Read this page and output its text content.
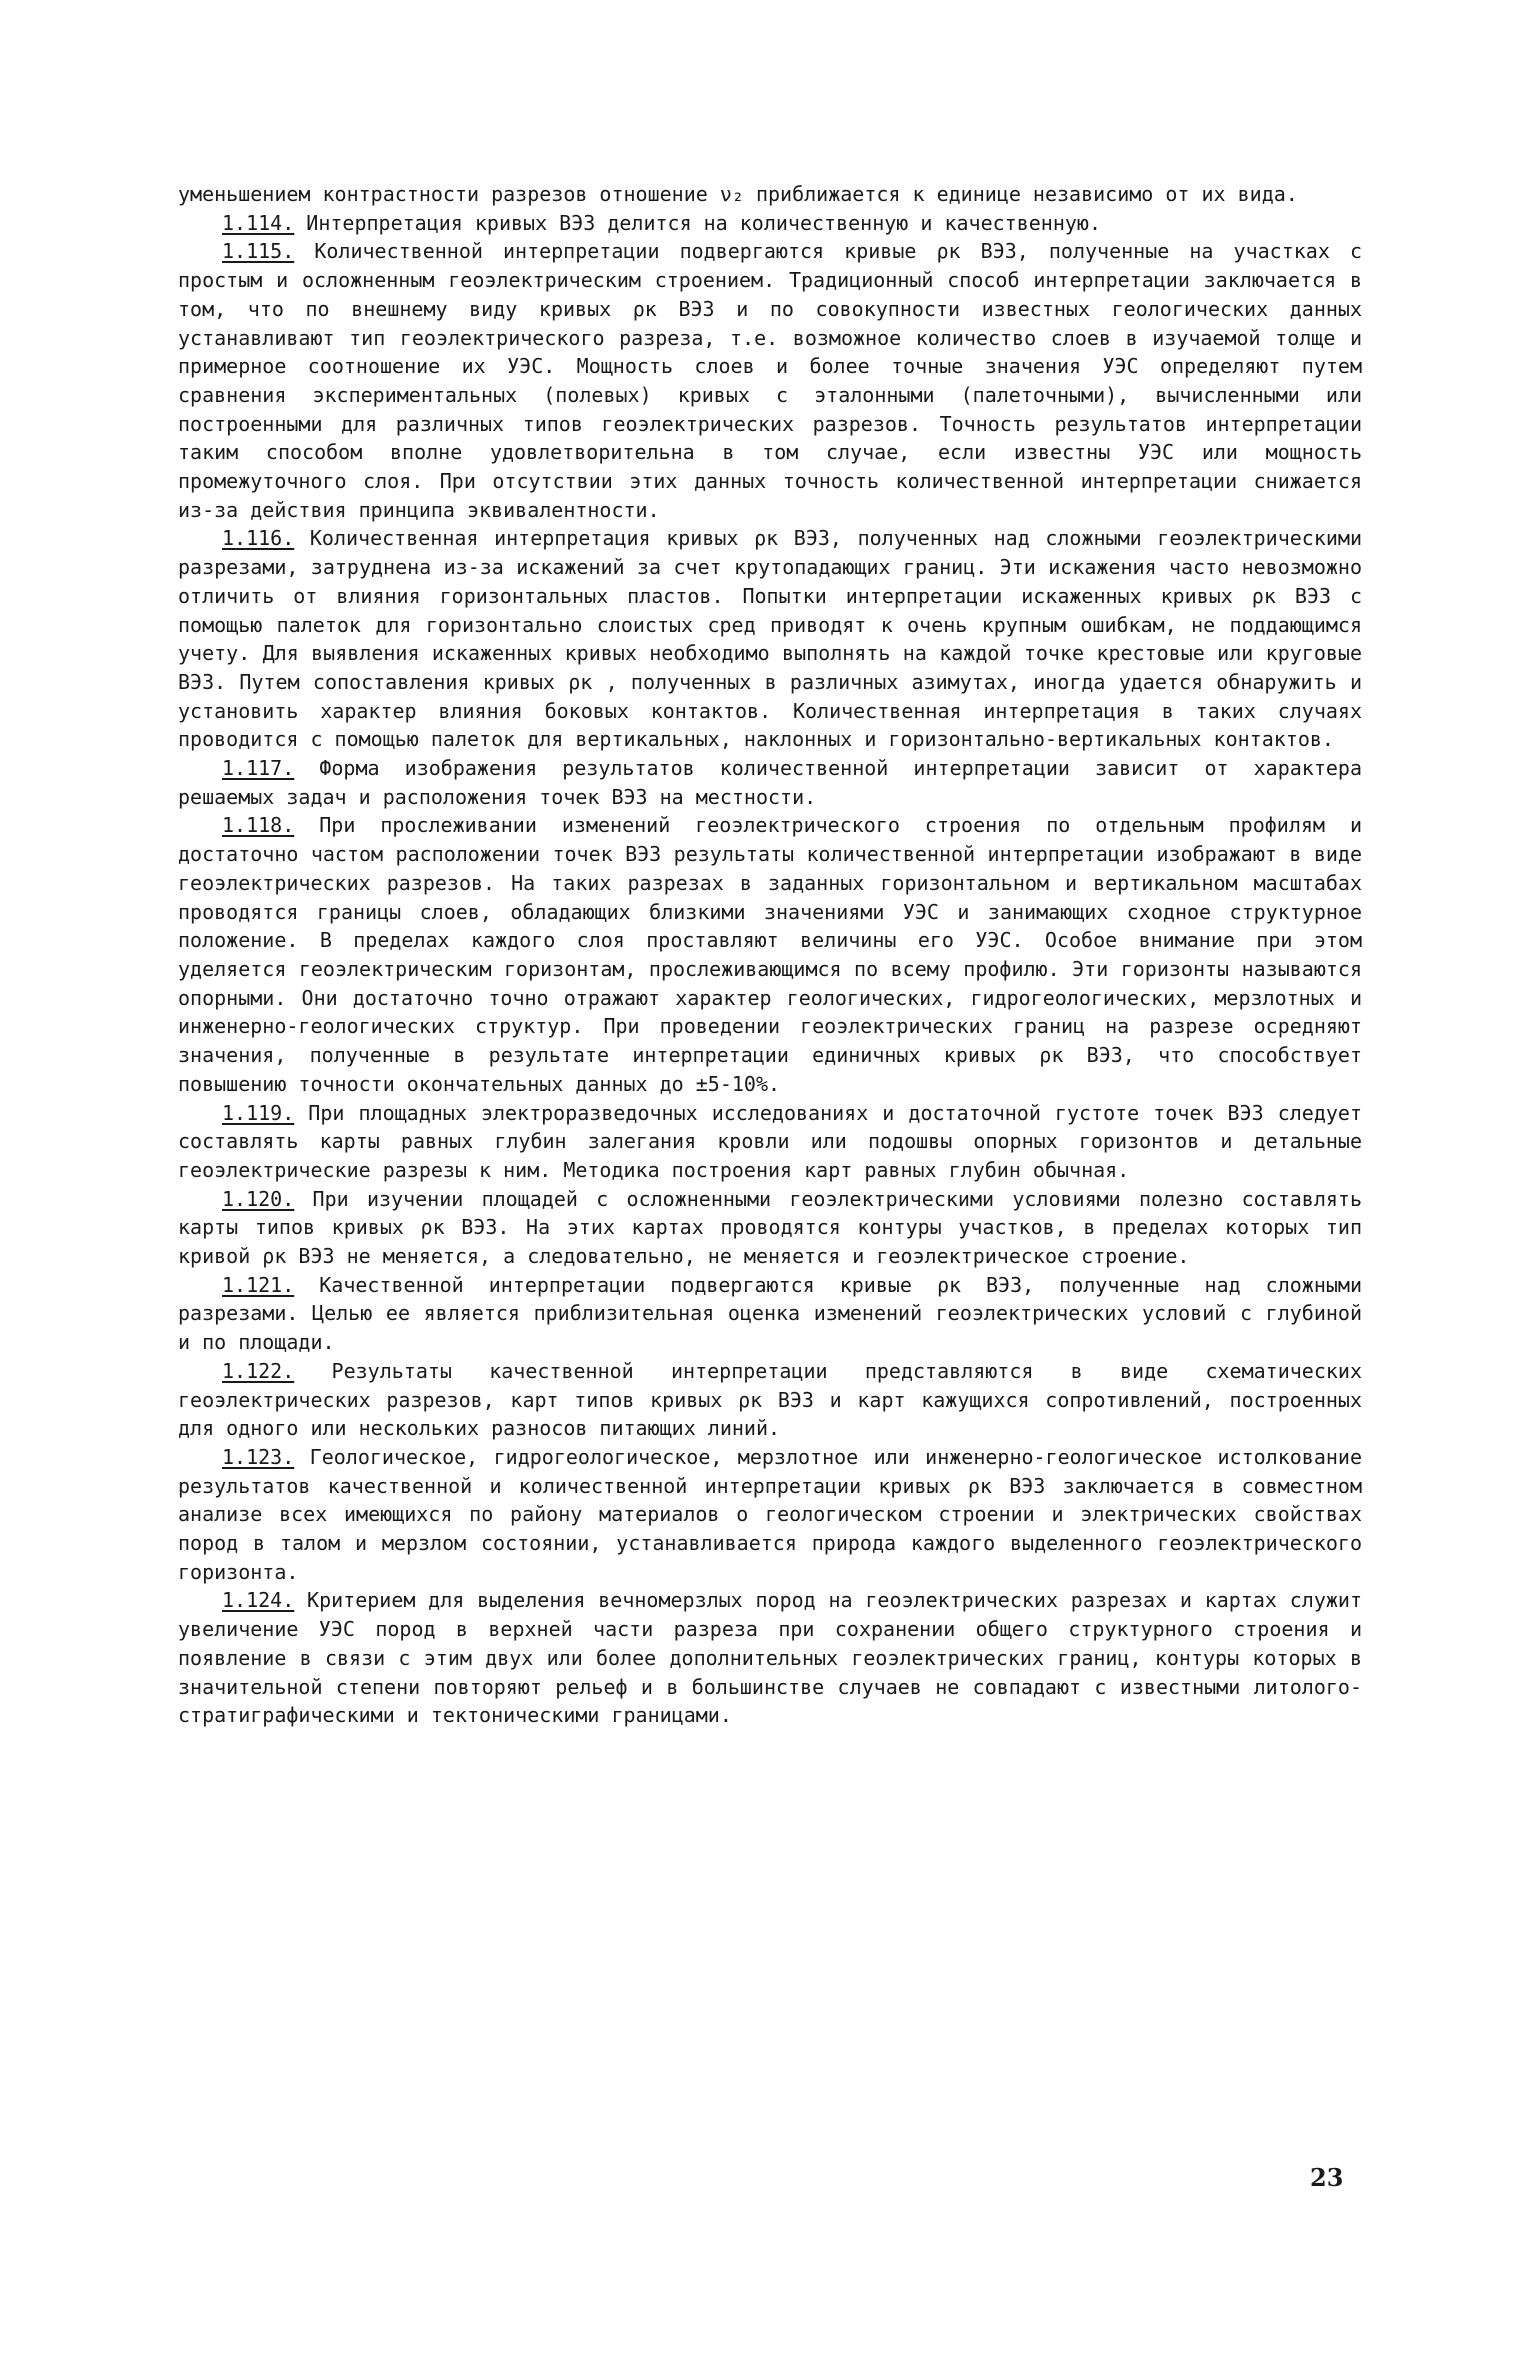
уменьшением контрастности разрезов отношение ν₂ приближается к единице независимо от их вида.

1.114. Интерпретация кривых ВЭЗ делится на количественную и качественную.

1.115. Количественной интерпретации подвергаются кривые ρк ВЭЗ, полученные на участках с простым и осложненным геоэлектрическим строением. Традиционный способ интерпретации заключается в том, что по внешнему виду кривых ρк ВЭЗ и по совокупности известных геологических данных устанавливают тип геоэлектрического разреза, т.е. возможное количество слоев в изучаемой толще и примерное соотношение их УЭС. Мощность слоев и более точные значения УЭС определяют путем сравнения экспериментальных (полевых) кривых с эталонными (палеточными), вычисленными или построенными для различных типов геоэлектрических разрезов. Точность результатов интерпретации таким способом вполне удовлетворительна в том случае, если известны УЭС или мощность промежуточного слоя. При отсутствии этих данных точность количественной интерпретации снижается из-за действия принципа эквивалентности.

1.116. Количественная интерпретация кривых ρк ВЭЗ, полученных над сложными геоэлектрическими разрезами, затруднена из-за искажений за счет крутопадающих границ. Эти искажения часто невозможно отличить от влияния горизонтальных пластов. Попытки интерпретации искаженных кривых ρк ВЭЗ с помощью палеток для горизонтально слоистых сред приводят к очень крупным ошибкам, не поддающимся учету. Для выявления искаженных кривых необходимо выполнять на каждой точке крестовые или круговые ВЭЗ. Путем сопоставления кривых ρк , полученных в различных азимутах, иногда удается обнаружить и установить характер влияния боковых контактов. Количественная интерпретация в таких случаях проводится с помощью палеток для вертикальных, наклонных и горизонтально-вертикальных контактов.

1.117. Форма изображения результатов количественной интерпретации зависит от характера решаемых задач и расположения точек ВЭЗ на местности.

1.118. При прослеживании изменений геоэлектрического строения по отдельным профилям и достаточно частом расположении точек ВЭЗ результаты количественной интерпретации изображают в виде геоэлектрических разрезов. На таких разрезах в заданных горизонтальном и вертикальном масштабах проводятся границы слоев, обладающих близкими значениями УЭС и занимающих сходное структурное положение. В пределах каждого слоя проставляют величины его УЭС. Особое внимание при этом уделяется геоэлектрическим горизонтам, прослеживающимся по всему профилю. Эти горизонты называются опорными. Они достаточно точно отражают характер геологических, гидрогеологических, мерзлотных и инженерно-геологических структур. При проведении геоэлектрических границ на разрезе осредняют значения, полученные в результате интерпретации единичных кривых ρк ВЭЗ, что способствует повышению точности окончательных данных до ±5-10%.

1.119. При площадных электроразведочных исследованиях и достаточной густоте точек ВЭЗ следует составлять карты равных глубин залегания кровли или подошвы опорных горизонтов и детальные геоэлектрические разрезы к ним. Методика построения карт равных глубин обычная.

1.120. При изучении площадей с осложненными геоэлектрическими условиями полезно составлять карты типов кривых ρк ВЭЗ. На этих картах проводятся контуры участков, в пределах которых тип кривой ρк ВЭЗ не меняется, а следовательно, не меняется и геоэлектрическое строение.

1.121. Качественной интерпретации подвергаются кривые ρк ВЭЗ, полученные над сложными разрезами. Целью ее является приблизительная оценка изменений геоэлектрических условий с глубиной и по площади.

1.122. Результаты качественной интерпретации представляются в виде схематических геоэлектрических разрезов, карт типов кривых ρк ВЭЗ и карт кажущихся сопротивлений, построенных для одного или нескольких разносов питающих линий.

1.123. Геологическое, гидрогеологическое, мерзлотное или инженерно-геологическое истолкование результатов качественной и количественной интерпретации кривых ρк ВЭЗ заключается в совместном анализе всех имеющихся по району материалов о геологическом строении и электрических свойствах пород в талом и мерзлом состоянии, устанавливается природа каждого выделенного геоэлектрического горизонта.

1.124. Критерием для выделения вечномерзлых пород на геоэлектрических разрезах и картах служит увеличение УЭС пород в верхней части разреза при сохранении общего структурного строения и появление в связи с этим двух или более дополнительных геоэлектрических границ, контуры которых в значительной степени повторяют рельеф и в большинстве случаев не совпадают с известными литолого-стратиграфическими и тектоническими границами.

23
